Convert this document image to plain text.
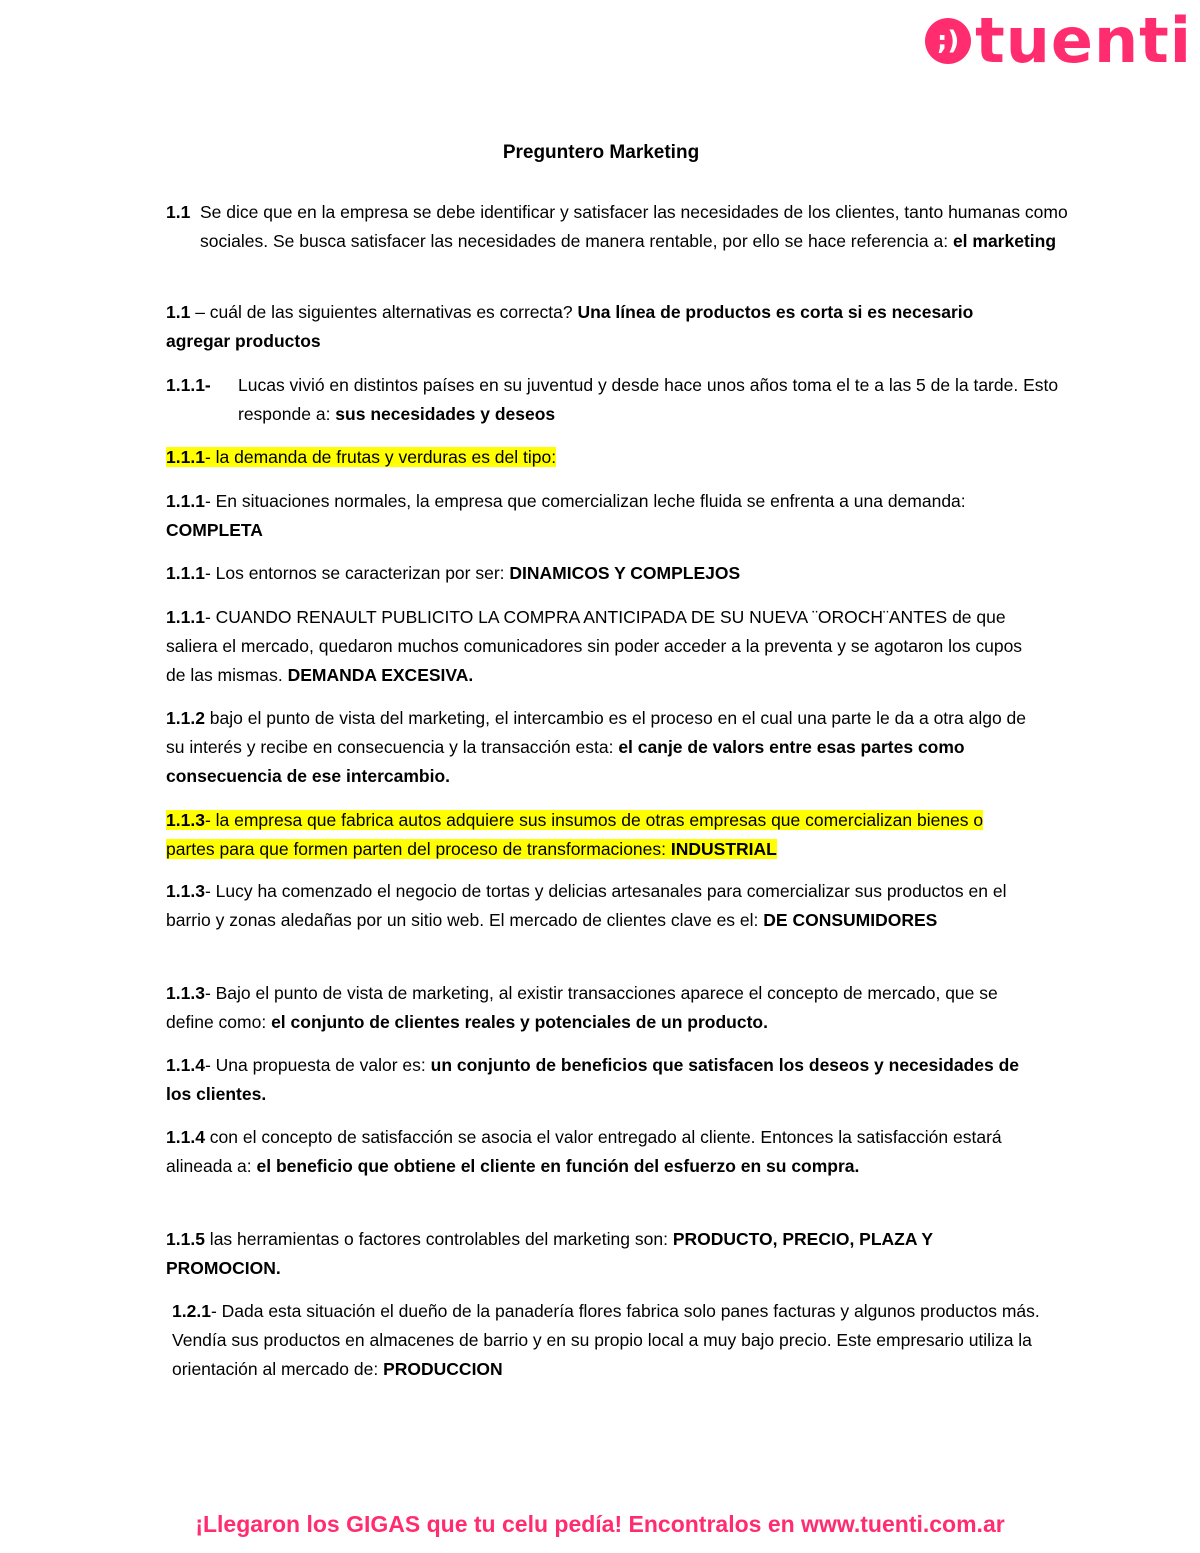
;) tuenti
Preguntero Marketing

1.1 Se dice que en la empresa se debe identificar y satisfacer las necesidades de los clientes, tanto humanas como sociales. Se busca satisfacer las necesidades de manera rentable, por ello se hace referencia a: el marketing

1.1 – cuál de las siguientes alternativas es correcta? Una línea de productos es corta si es necesario agregar productos

1.1.1- Lucas vivió en distintos países en su juventud y desde hace unos años toma el te a las 5 de la tarde. Esto responde a: sus necesidades y deseos

1.1.1- la demanda de frutas y verduras es del tipo:

1.1.1- En situaciones normales, la empresa que comercializan leche fluida se enfrenta a una demanda: COMPLETA

1.1.1- Los entornos se caracterizan por ser: DINAMICOS Y COMPLEJOS

1.1.1- CUANDO RENAULT PUBLICITO LA COMPRA ANTICIPADA DE SU NUEVA ¨OROCH¨ANTES de que saliera el mercado, quedaron muchos comunicadores sin poder acceder a la preventa y se agotaron los cupos de las mismas. DEMANDA EXCESIVA.

1.1.2 bajo el punto de vista del marketing, el intercambio es el proceso en el cual una parte le da a otra algo de su interés y recibe en consecuencia y la transacción esta: el canje de valors entre esas partes como consecuencia de ese intercambio.

1.1.3- la empresa que fabrica autos adquiere sus insumos de otras empresas que comercializan bienes o partes para que formen parten del proceso de transformaciones: INDUSTRIAL

1.1.3- Lucy ha comenzado el negocio de tortas y delicias artesanales para comercializar sus productos en el barrio y zonas aledañas por un sitio web. El mercado de clientes clave es el: DE CONSUMIDORES

1.1.3- Bajo el punto de vista de marketing, al existir transacciones aparece el concepto de mercado, que se define como: el conjunto de clientes reales y potenciales de un producto.

1.1.4- Una propuesta de valor es: un conjunto de beneficios que satisfacen los deseos y necesidades de los clientes.

1.1.4 con el concepto de satisfacción se asocia el valor entregado al cliente. Entonces la satisfacción estará alineada a: el beneficio que obtiene el cliente en función del esfuerzo en su compra.

1.1.5 las herramientas o factores controlables del marketing son: PRODUCTO, PRECIO, PLAZA Y PROMOCION.

1.2.1- Dada esta situación el dueño de la panadería flores fabrica solo panes facturas y algunos productos más. Vendía sus productos en almacenes de barrio y en su propio local a muy bajo precio. Este empresario utiliza la orientación al mercado de: PRODUCCION

¡Llegaron los GIGAS que tu celu pedía! Encontralos en www.tuenti.com.ar
